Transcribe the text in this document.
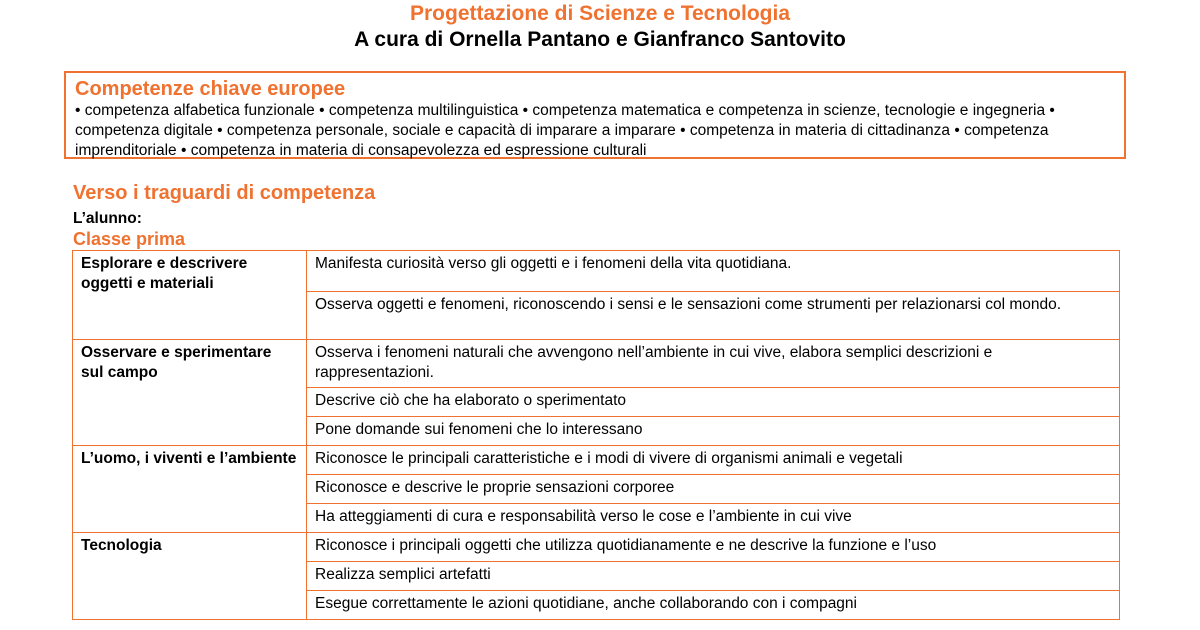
Progettazione di Scienze e Tecnologia
A cura di Ornella Pantano e Gianfranco Santovito
Competenze chiave europee
• competenza alfabetica funzionale • competenza multilinguistica • competenza matematica e competenza in scienze, tecnologie e ingegneria • competenza digitale • competenza personale, sociale e capacità di imparare a imparare • competenza in materia di cittadinanza • competenza imprenditoriale • competenza in materia di consapevolezza ed espressione culturali
Verso i traguardi di competenza
L’alunno:
Classe prima
Esplorare e descrivere oggetti e materiali	Manifesta curiosità verso gli oggetti e i fenomeni della vita quotidiana.
	Osserva oggetti e fenomeni, riconoscendo i sensi e le sensazioni come strumenti per relazionarsi col mondo.
Osservare e sperimentare sul campo	Osserva i fenomeni naturali che avvengono nell’ambiente in cui vive, elabora semplici descrizioni e rappresentazioni.
	Descrive ciò che ha elaborato o sperimentato
	Pone domande sui fenomeni che lo interessano
L’uomo, i viventi e l’ambiente	Riconosce le principali caratteristiche e i modi di vivere di organismi animali e vegetali
	Riconosce e descrive le proprie sensazioni corporee
	Ha atteggiamenti di cura e responsabilità verso le cose e l’ambiente in cui vive
Tecnologia	Riconosce i principali oggetti che utilizza quotidianamente e ne descrive la funzione e l’uso
	Realizza semplici artefatti
	Esegue correttamente le azioni quotidiane, anche collaborando con i compagni
